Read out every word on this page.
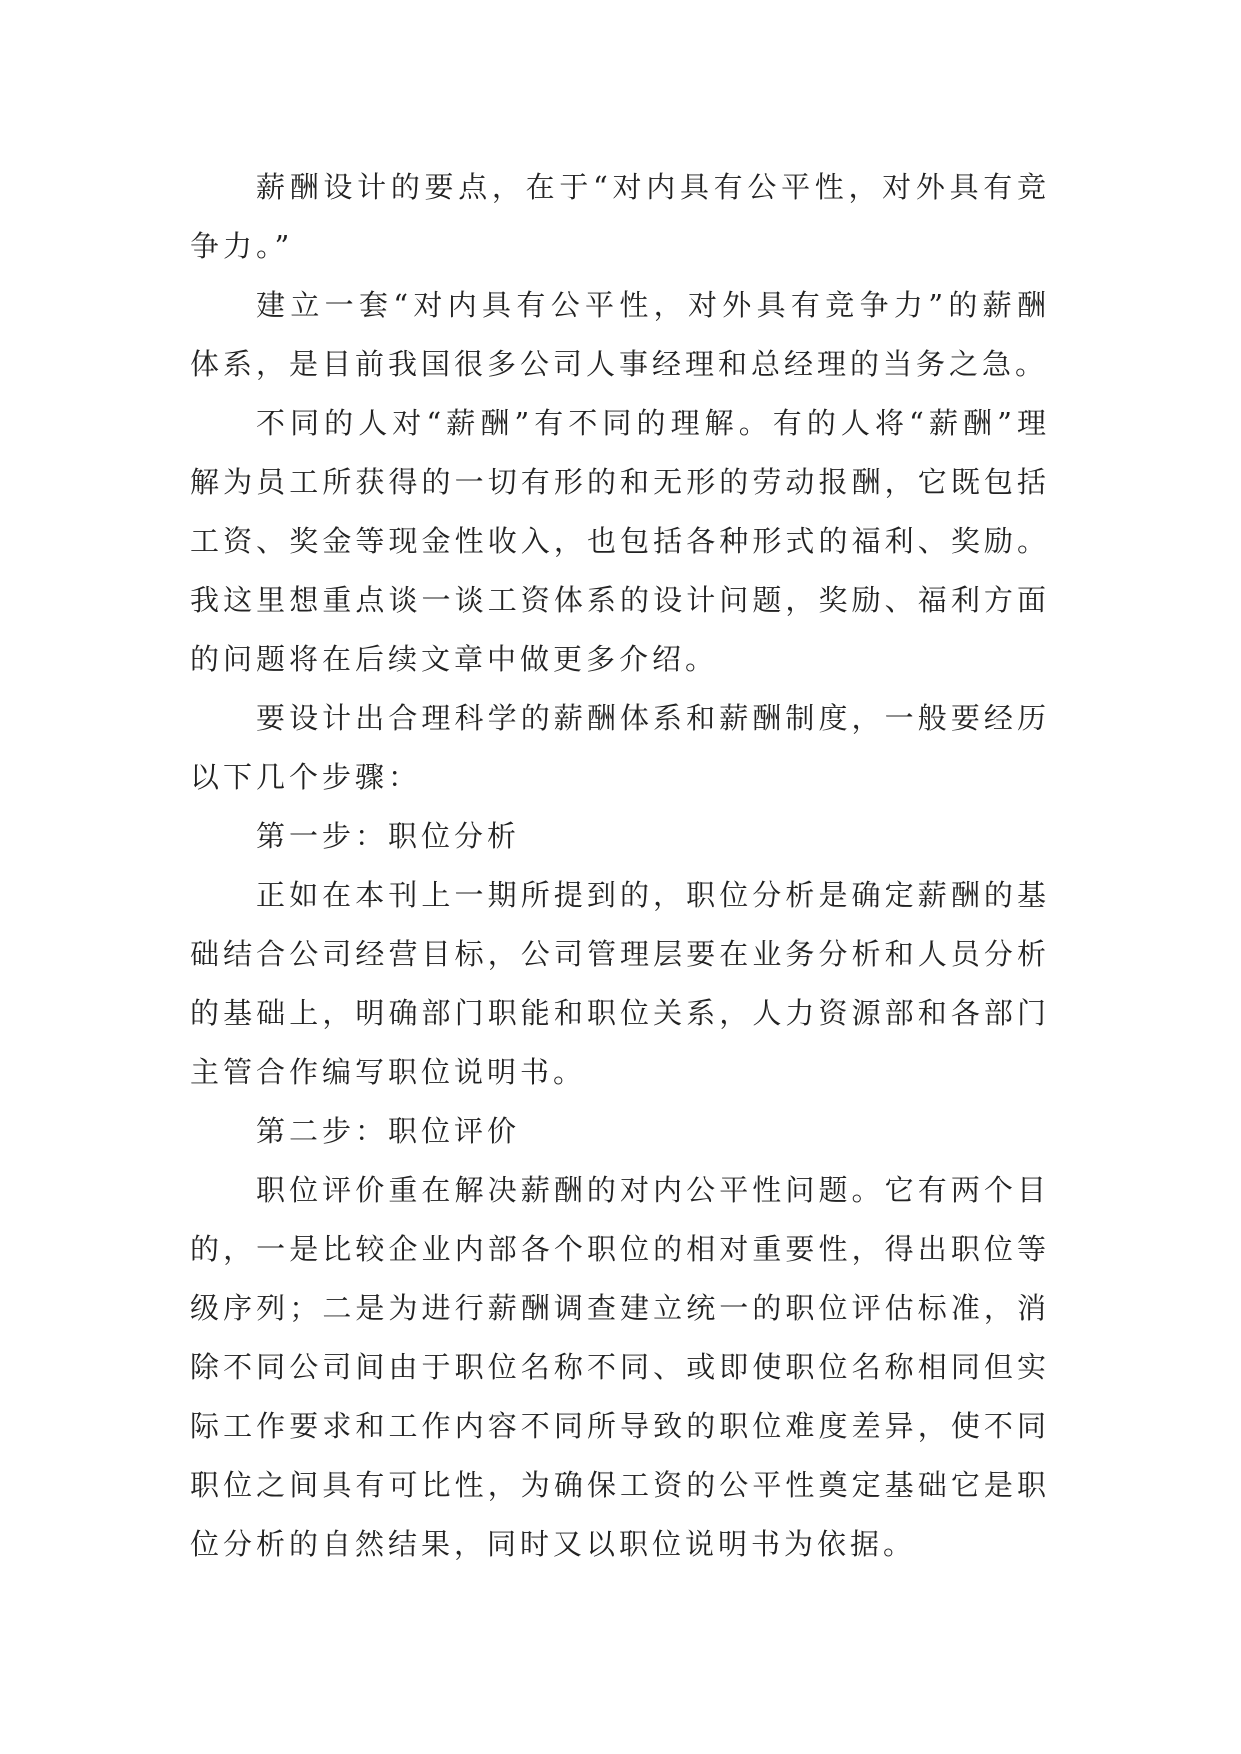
薪酬设计的要点，在于“对内具有公平性，对外具有竞争力。”

建立一套“对内具有公平性，对外具有竞争力”的薪酬体系，是目前我国很多公司人事经理和总经理的当务之急。

不同的人对“薪酬”有不同的理解。有的人将“薪酬”理解为员工所获得的一切有形的和无形的劳动报酬，它既包括工资、奖金等现金性收入，也包括各种形式的福利、奖励。我这里想重点谈一谈工资体系的设计问题，奖励、福利方面的问题将在后续文章中做更多介绍。

要设计出合理科学的薪酬体系和薪酬制度，一般要经历以下几个步骤：

第一步：职位分析

正如在本刊上一期所提到的，职位分析是确定薪酬的基础结合公司经营目标，公司管理层要在业务分析和人员分析的基础上，明确部门职能和职位关系，人力资源部和各部门主管合作编写职位说明书。

第二步：职位评价

职位评价重在解决薪酬的对内公平性问题。它有两个目的，一是比较企业内部各个职位的相对重要性，得出职位等级序列；二是为进行薪酬调查建立统一的职位评估标准，消除不同公司间由于职位名称不同、或即使职位名称相同但实际工作要求和工作内容不同所导致的职位难度差异，使不同职位之间具有可比性，为确保工资的公平性奠定基础它是职位分析的自然结果，同时又以职位说明书为依据。
